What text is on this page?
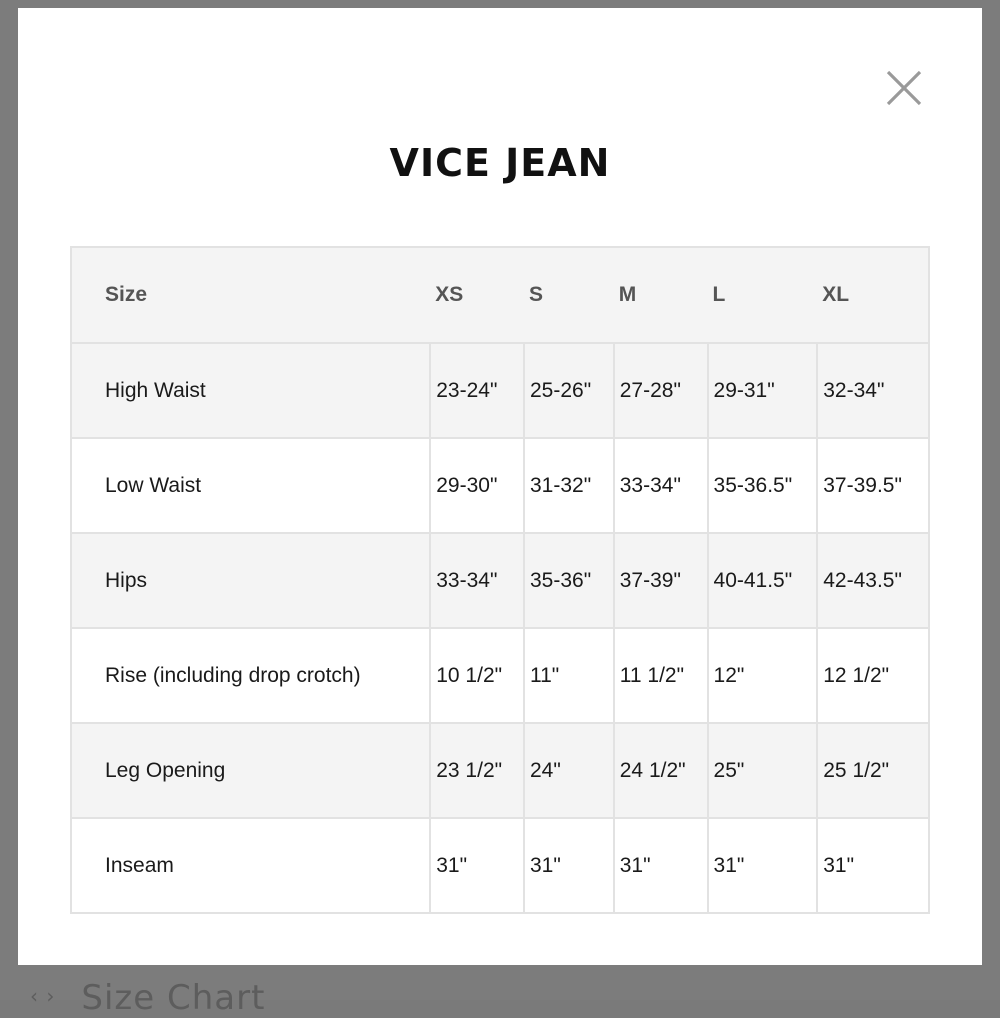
‹ › Size Chart
VICE JEAN
Size	XS	S	M	L	XL
High Waist	23-24"	25-26"	27-28"	29-31"	32-34"
Low Waist	29-30"	31-32"	33-34"	35-36.5"	37-39.5"
Hips	33-34"	35-36"	37-39"	40-41.5"	42-43.5"
Rise (including drop crotch)	10 1/2"	11"	11 1/2"	12"	12 1/2"
Leg Opening	23 1/2"	24"	24 1/2"	25"	25 1/2"
Inseam	31"	31"	31"	31"	31"
